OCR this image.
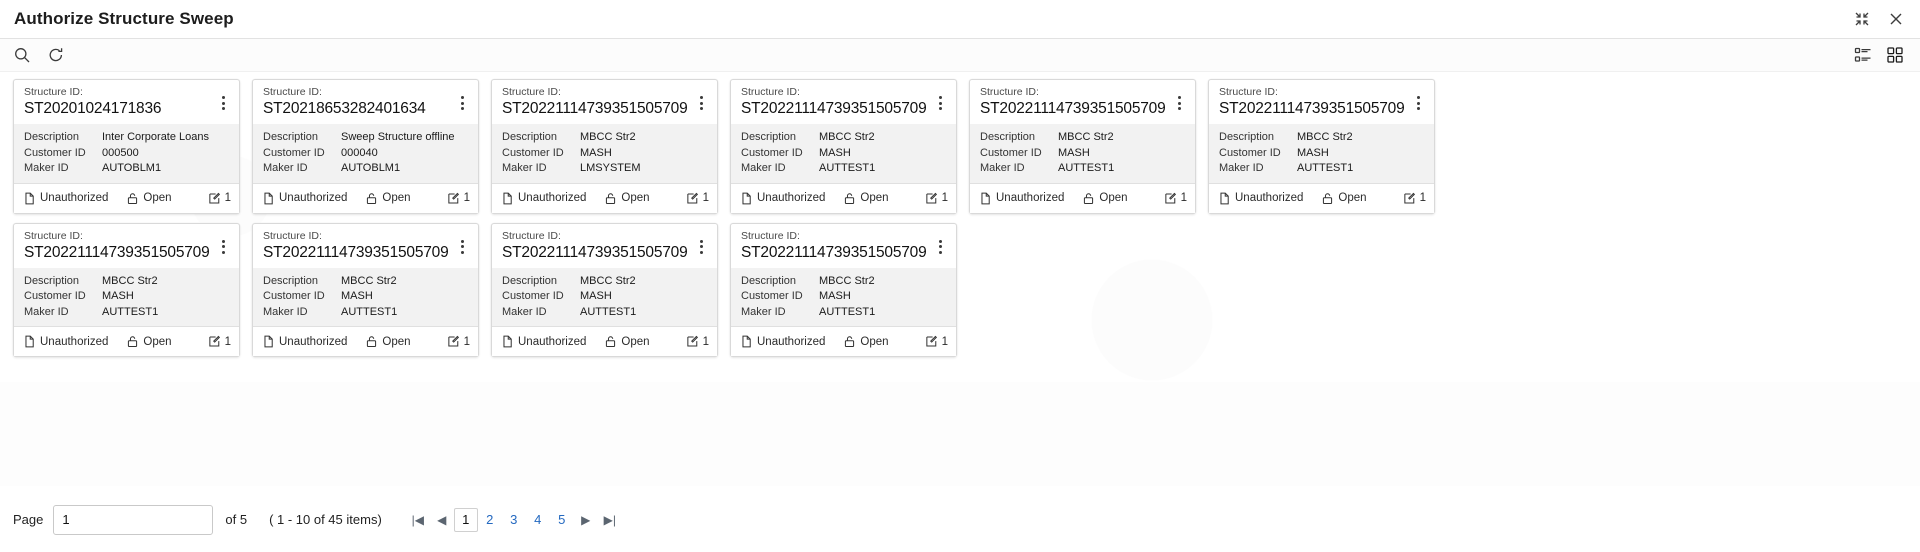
Authorize Structure Sweep
Structure ID:
ST20201024171836
Description	Inter Corporate Loans
Customer ID	000500
Maker ID	AUTOBLM1
Unauthorized	Open	1
Structure ID:
ST20218653282401634
Description	Sweep Structure offline
Customer ID	000040
Maker ID	AUTOBLM1
Unauthorized	Open	1
Structure ID:
ST20221114739351505709
Description	MBCC Str2
Customer ID	MASH
Maker ID	LMSYSTEM
Unauthorized	Open	1
Structure ID:
ST20221114739351505709
Description	MBCC Str2
Customer ID	MASH
Maker ID	AUTTEST1
Unauthorized	Open	1
Structure ID:
ST20221114739351505709
Description	MBCC Str2
Customer ID	MASH
Maker ID	AUTTEST1
Unauthorized	Open	1
Structure ID:
ST20221114739351505709
Description	MBCC Str2
Customer ID	MASH
Maker ID	AUTTEST1
Unauthorized	Open	1
Structure ID:
ST20221114739351505709
Description	MBCC Str2
Customer ID	MASH
Maker ID	AUTTEST1
Unauthorized	Open	1
Structure ID:
ST20221114739351505709
Description	MBCC Str2
Customer ID	MASH
Maker ID	AUTTEST1
Unauthorized	Open	1
Structure ID:
ST20221114739351505709
Description	MBCC Str2
Customer ID	MASH
Maker ID	AUTTEST1
Unauthorized	Open	1
Structure ID:
ST20221114739351505709
Description	MBCC Str2
Customer ID	MASH
Maker ID	AUTTEST1
Unauthorized	Open	1
Page
1	of 5 ( 1 - 10 of 45 items)	|◀	◀	1	2	3	4	5	▶	▶|
